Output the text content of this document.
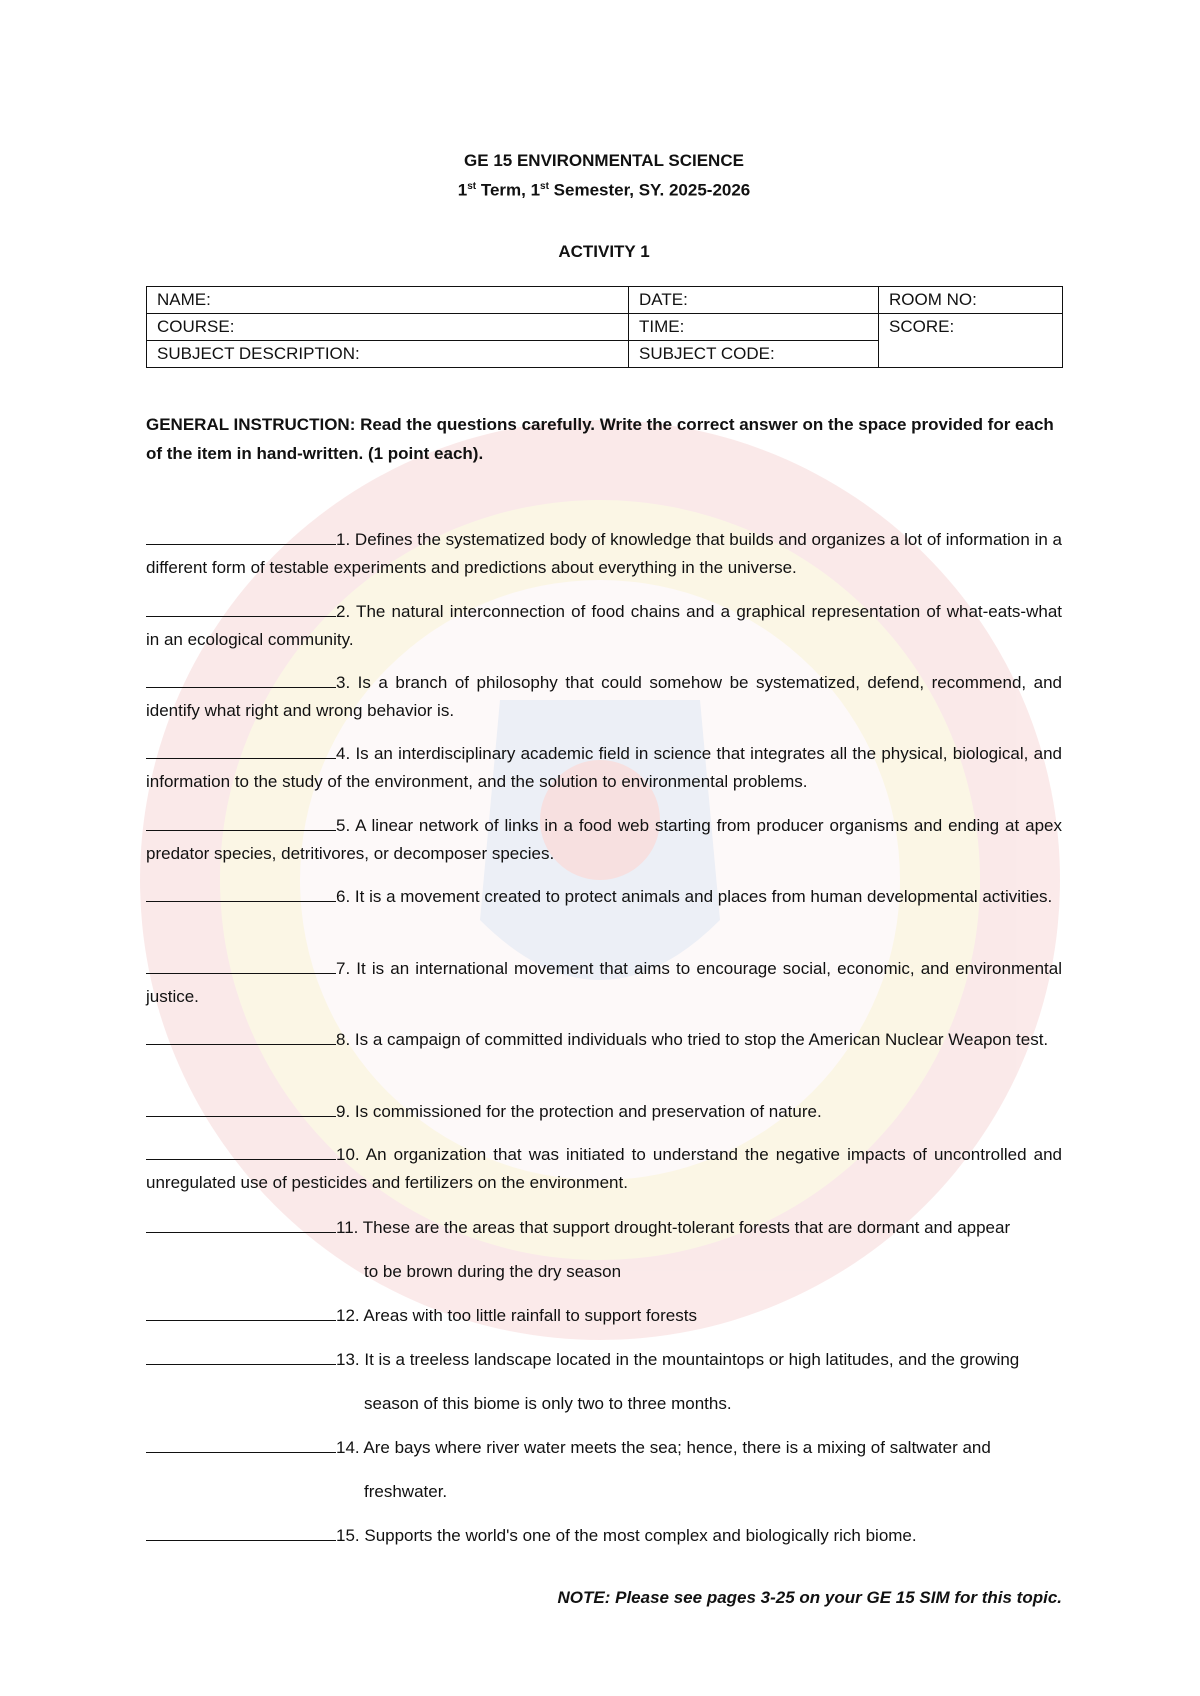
GE 15 ENVIRONMENTAL SCIENCE
1st Term, 1st Semester, SY. 2025-2026
ACTIVITY 1
NAME:	DATE:	ROOM NO:
COURSE:	TIME:	SCORE:
SUBJECT DESCRIPTION:	SUBJECT CODE:	
GENERAL INSTRUCTION: Read the questions carefully. Write the correct answer on the space provided for each of the item in hand-written. (1 point each).
1. Defines the systematized body of knowledge that builds and organizes a lot of information in a different form of testable experiments and predictions about everything in the universe.
2. The natural interconnection of food chains and a graphical representation of what-eats-what in an ecological community.
3. Is a branch of philosophy that could somehow be systematized, defend, recommend, and identify what right and wrong behavior is.
4. Is an interdisciplinary academic field in science that integrates all the physical, biological, and information to the study of the environment, and the solution to environmental problems.
5. A linear network of links in a food web starting from producer organisms and ending at apex predator species, detritivores, or decomposer species.
6. It is a movement created to protect animals and places from human developmental activities.
7. It is an international movement that aims to encourage social, economic, and environmental justice.
8. Is a campaign of committed individuals who tried to stop the American Nuclear Weapon test.
9. Is commissioned for the protection and preservation of nature.
10. An organization that was initiated to understand the negative impacts of uncontrolled and unregulated use of pesticides and fertilizers on the environment.
11. These are the areas that support drought-tolerant forests that are dormant and appear
to be brown during the dry season
12. Areas with too little rainfall to support forests
13. It is a treeless landscape located in the mountaintops or high latitudes, and the growing
season of this biome is only two to three months.
14. Are bays where river water meets the sea; hence, there is a mixing of saltwater and
freshwater.
15. Supports the world's one of the most complex and biologically rich biome.
NOTE: Please see pages 3-25 on your GE 15 SIM for this topic.
